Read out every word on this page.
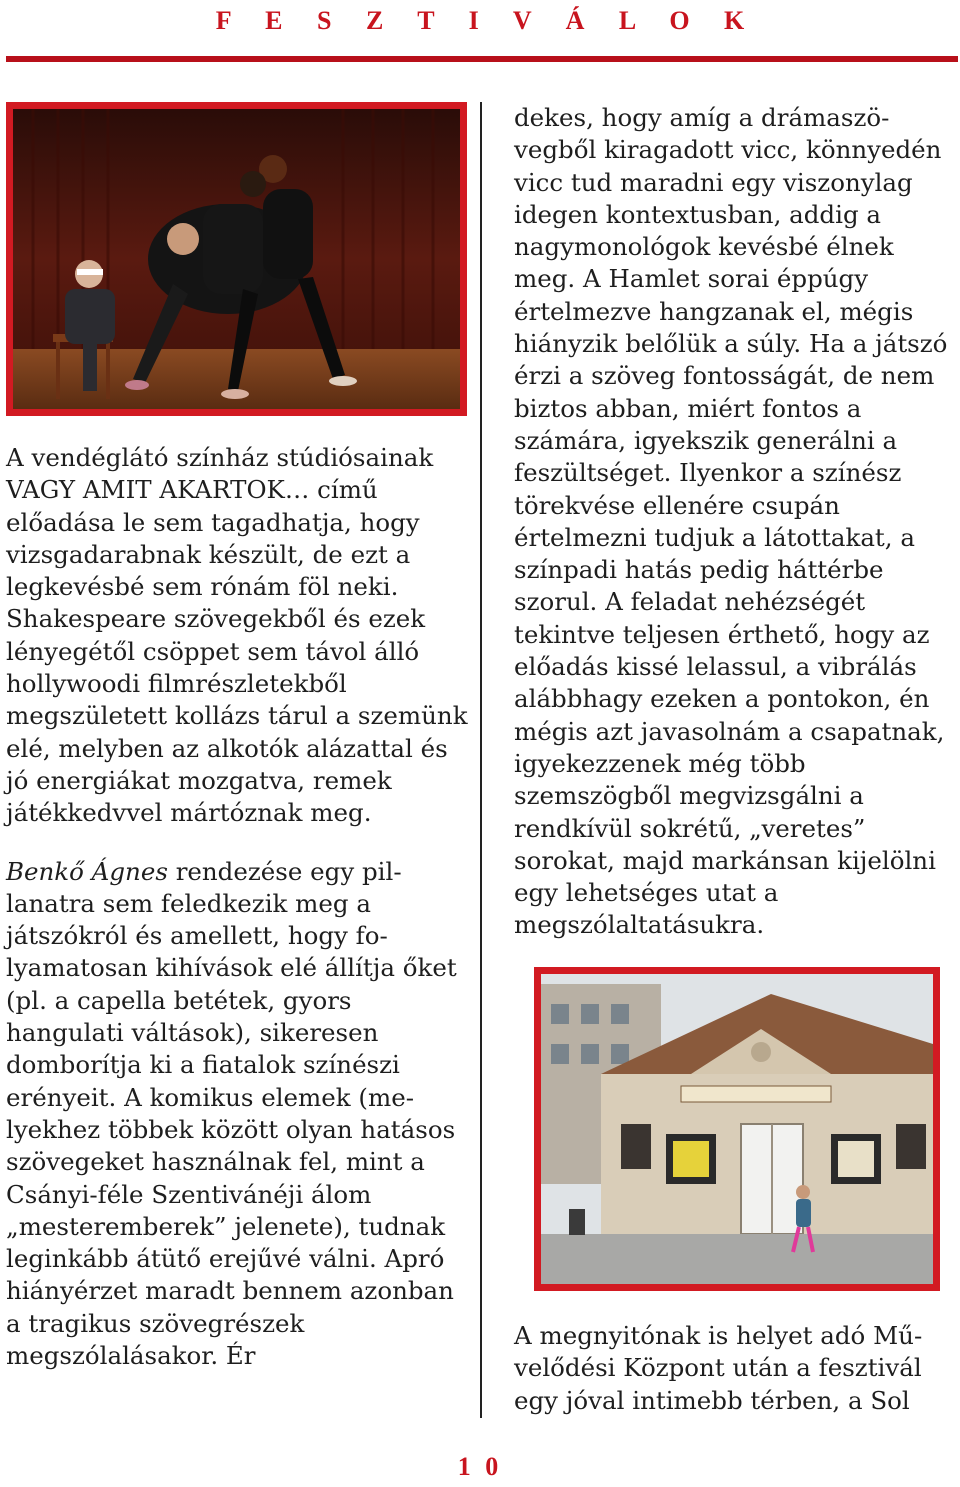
F E S Z T I V Á L O K

A vendéglátó színház stúdiósainak VAGY AMIT AKARTOK… című előadása le sem tagadhatja, hogy vizsgadarabnak készült, de ezt a legkevésbé sem rónám föl neki. Shakespeare szövegekből és ezek lényegétől csöppet sem távol álló hollywoodi filmrészletekből megszületett kollázs tárul a szemünk elé, melyben az alkotók alázattal és jó energiákat mozgatva, remek játékkedvvel mártóznak meg.

Benkő Ágnes rendezése egy pillanatra sem feledkezik meg a játszókról és amellett, hogy folyamatosan kihívások elé állítja őket (pl. a capella betétek, gyors hangulati váltások), sikeresen domborítja ki a fiatalok színészi erényeit. A komikus elemek (melyekhez többek között olyan hatásos szövegeket használnak fel, mint a Csányi-féle Szentivánéji álom „mesteremberek” jelenete), tudnak leginkább átütő erejűvé válni. Apró hiányérzet maradt bennem azonban a tragikus szövegrészek megszólalásakor. Ér

dekes, hogy amíg a drámaszövegből kiragadott vicc, könnyedén vicc tud maradni egy viszonylag idegen kontextusban, addig a nagymonológok kevésbé élnek meg. A Hamlet sorai éppúgy értelmezve hangzanak el, mégis hiányzik belőlük a súly. Ha a játszó érzi a szöveg fontosságát, de nem biztos abban, miért fontos a számára, igyekszik generálni a feszültséget. Ilyenkor a színész törekvése ellenére csupán értelmezni tudjuk a látottakat, a színpadi hatás pedig háttérbe szorul. A feladat nehézségét tekintve teljesen érthető, hogy az előadás kissé lelassul, a vibrálás alábbhagy ezeken a pontokon, én mégis azt javasolnám a csapatnak, igyekezzenek még több szemszögből megvizsgálni a rendkívül sokrétű, „veretes” sorokat, majd markánsan kijelölni egy lehetséges utat a megszólaltatásukra.

A megnyitónak is helyet adó Művelődési Központ után a fesztivál egy jóval intimebb térben, a Sol

1 0
